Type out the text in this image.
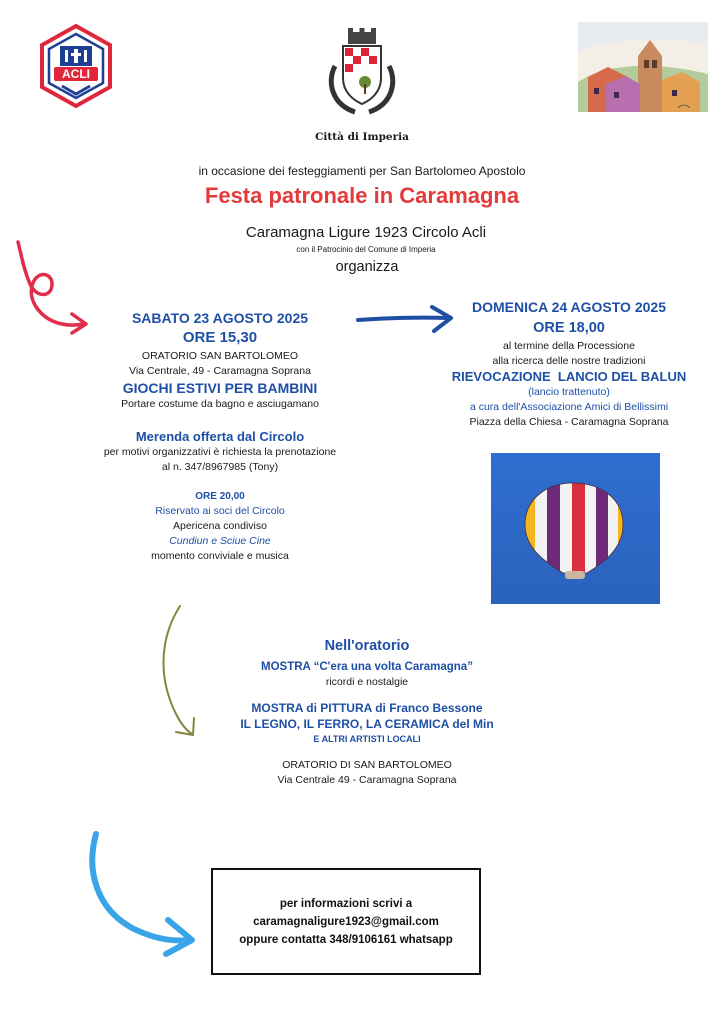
ACLI
Città di Imperia
in occasione dei festeggiamenti per San Bartolomeo Apostolo
Festa patronale in Caramagna
Caramagna Ligure 1923 Circolo Acli
con il Patrocinio del Comune di Imperia
organizza
SABATO 23 AGOSTO 2025
ORE 15,30
ORATORIO SAN BARTOLOMEO
Via Centrale, 49 - Caramagna Soprana
GIOCHI ESTIVI PER BAMBINI
Portare costume da bagno e asciugamano
Merenda offerta dal Circolo
per motivi organizzativi è richiesta la prenotazione
al n. 347/8967985 (Tony)
ORE 20,00
Riservato ai soci del Circolo
Apericena condiviso
Cundiun e Sciue Cine
momento conviviale e musica
DOMENICA 24 AGOSTO 2025
ORE 18,00
al termine della Processione
alla ricerca delle nostre tradizioni
RIEVOCAZIONE  LANCIO DEL BALUN
(lancio trattenuto)
a cura dell'Associazione Amici di Bellissimi
Piazza della Chiesa - Caramagna Soprana
Nell'oratorio
MOSTRA “C'era una volta Caramagna”
ricordi e nostalgie
MOSTRA di PITTURA di Franco Bessone
IL LEGNO, IL FERRO, LA CERAMICA del Min
E ALTRI ARTISTI LOCALI
ORATORIO DI SAN BARTOLOMEO
Via Centrale 49 - Caramagna Soprana
per informazioni scrivi a
caramagnaligure1923@gmail.com
oppure contatta 348/9106161 whatsapp
